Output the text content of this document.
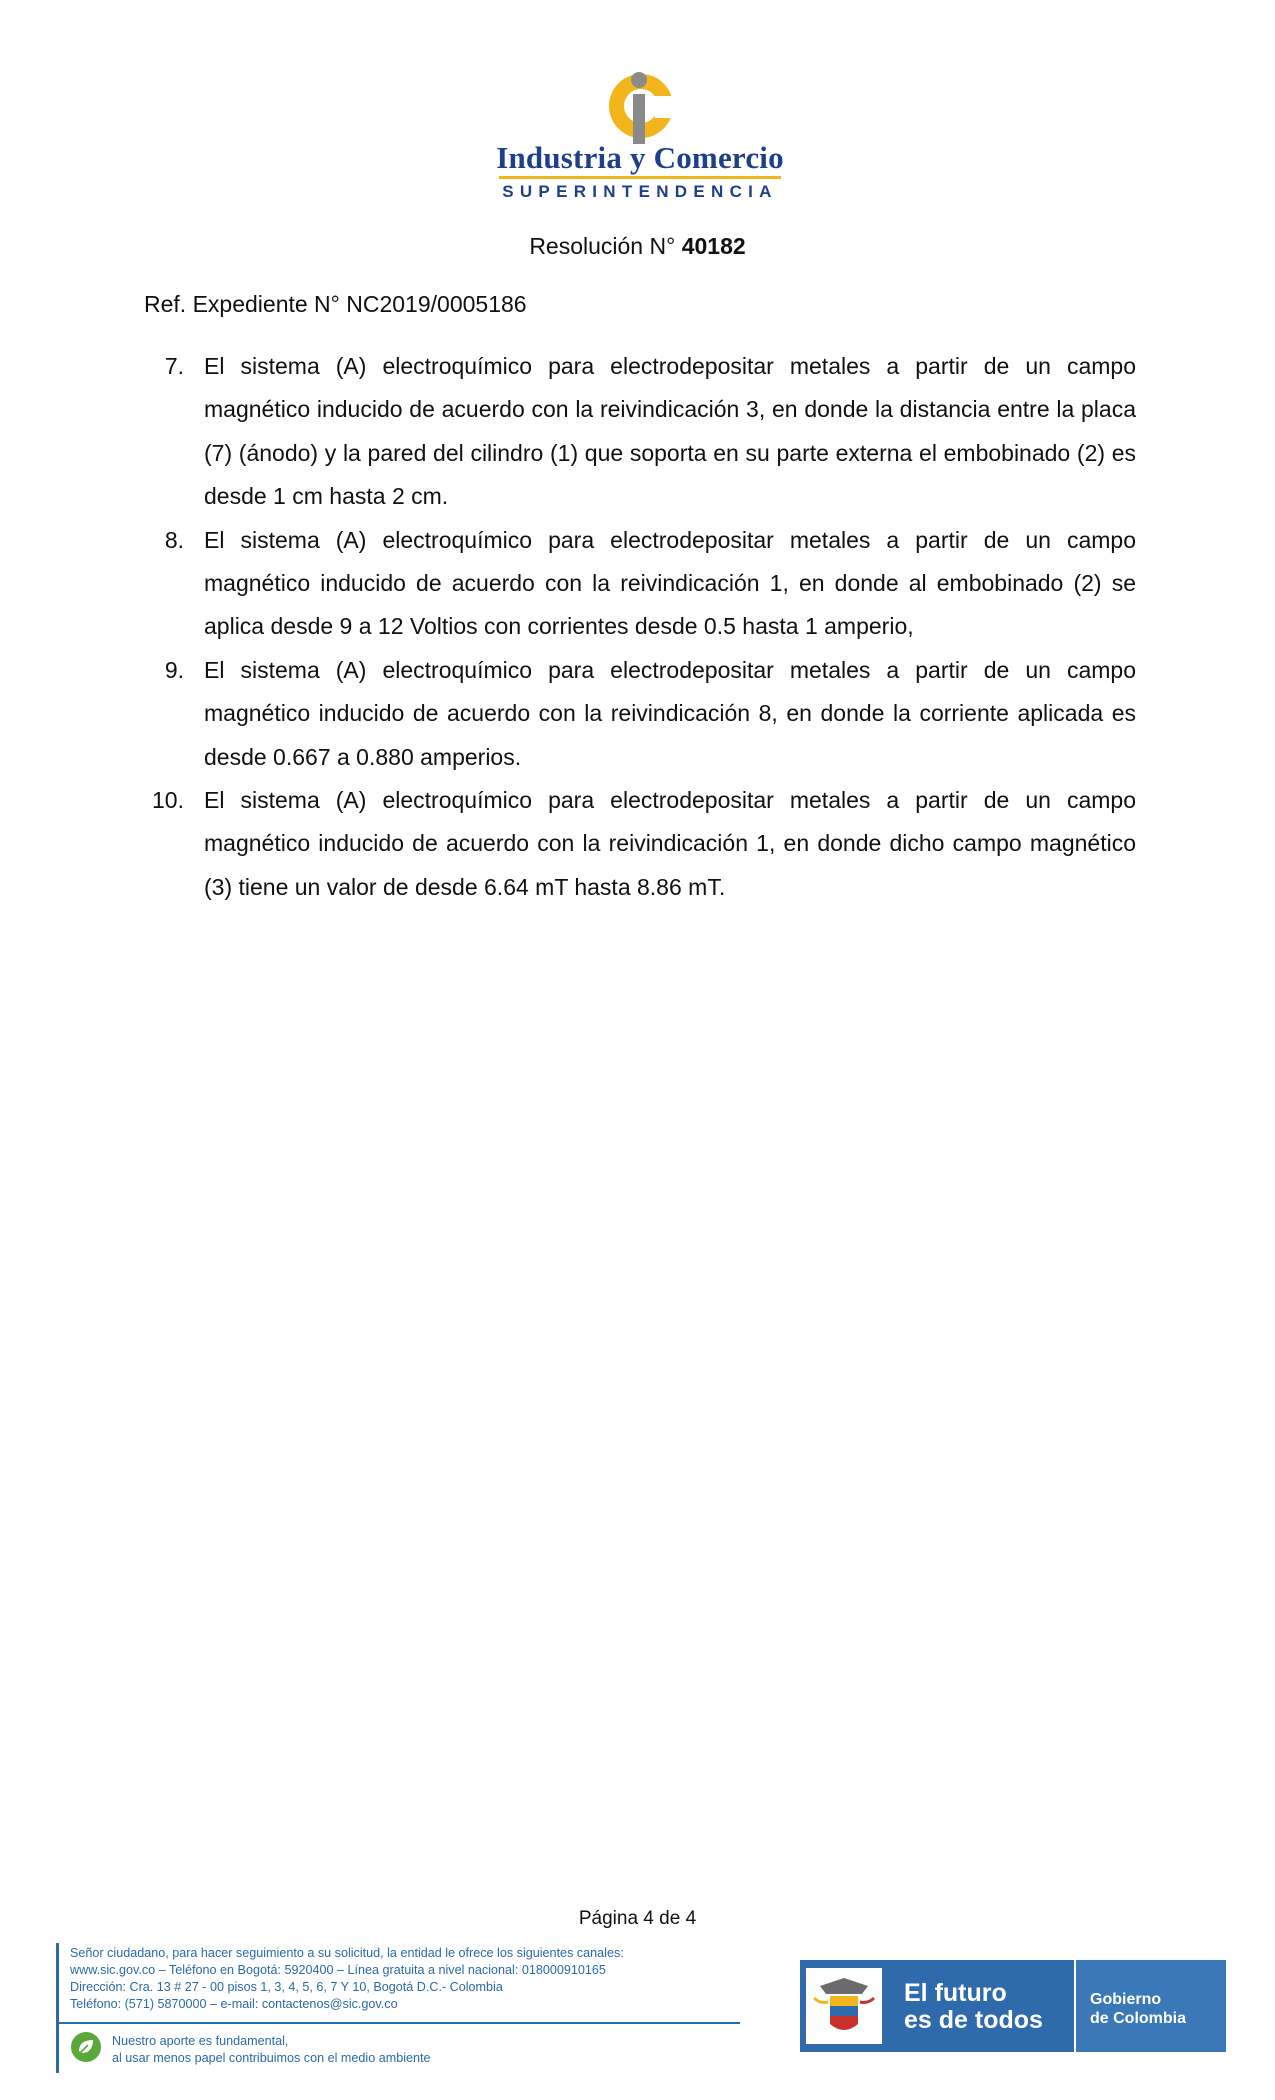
Industria y Comercio
SUPERINTENDENCIA
Resolución N° 40182
Ref. Expediente N° NC2019/0005186
7. El sistema (A) electroquímico para electrodepositar metales a partir de un campo magnético inducido de acuerdo con la reivindicación 3, en donde la distancia entre la placa (7) (ánodo) y la pared del cilindro (1) que soporta en su parte externa el embobinado (2) es desde 1 cm hasta 2 cm.
8. El sistema (A) electroquímico para electrodepositar metales a partir de un campo magnético inducido de acuerdo con la reivindicación 1, en donde al embobinado (2) se aplica desde 9 a 12 Voltios con corrientes desde 0.5 hasta 1 amperio,
9. El sistema (A) electroquímico para electrodepositar metales a partir de un campo magnético inducido de acuerdo con la reivindicación 8, en donde la corriente aplicada es desde 0.667 a 0.880 amperios.
10. El sistema (A) electroquímico para electrodepositar metales a partir de un campo magnético inducido de acuerdo con la reivindicación 1, en donde dicho campo magnético (3) tiene un valor de desde 6.64 mT hasta 8.86 mT.
Página 4 de 4
Señor ciudadano, para hacer seguimiento a su solicitud, la entidad le ofrece los siguientes canales:
www.sic.gov.co – Teléfono en Bogotá: 5920400 – Línea gratuita a nivel nacional: 018000910165
Dirección: Cra. 13 # 27 - 00 pisos 1, 3, 4, 5, 6, 7 Y 10, Bogotá D.C.- Colombia
Teléfono: (571) 5870000 – e-mail: contactenos@sic.gov.co
Nuestro aporte es fundamental,
al usar menos papel contribuimos con el medio ambiente
El futuro
es de todos
Gobierno
de Colombia
